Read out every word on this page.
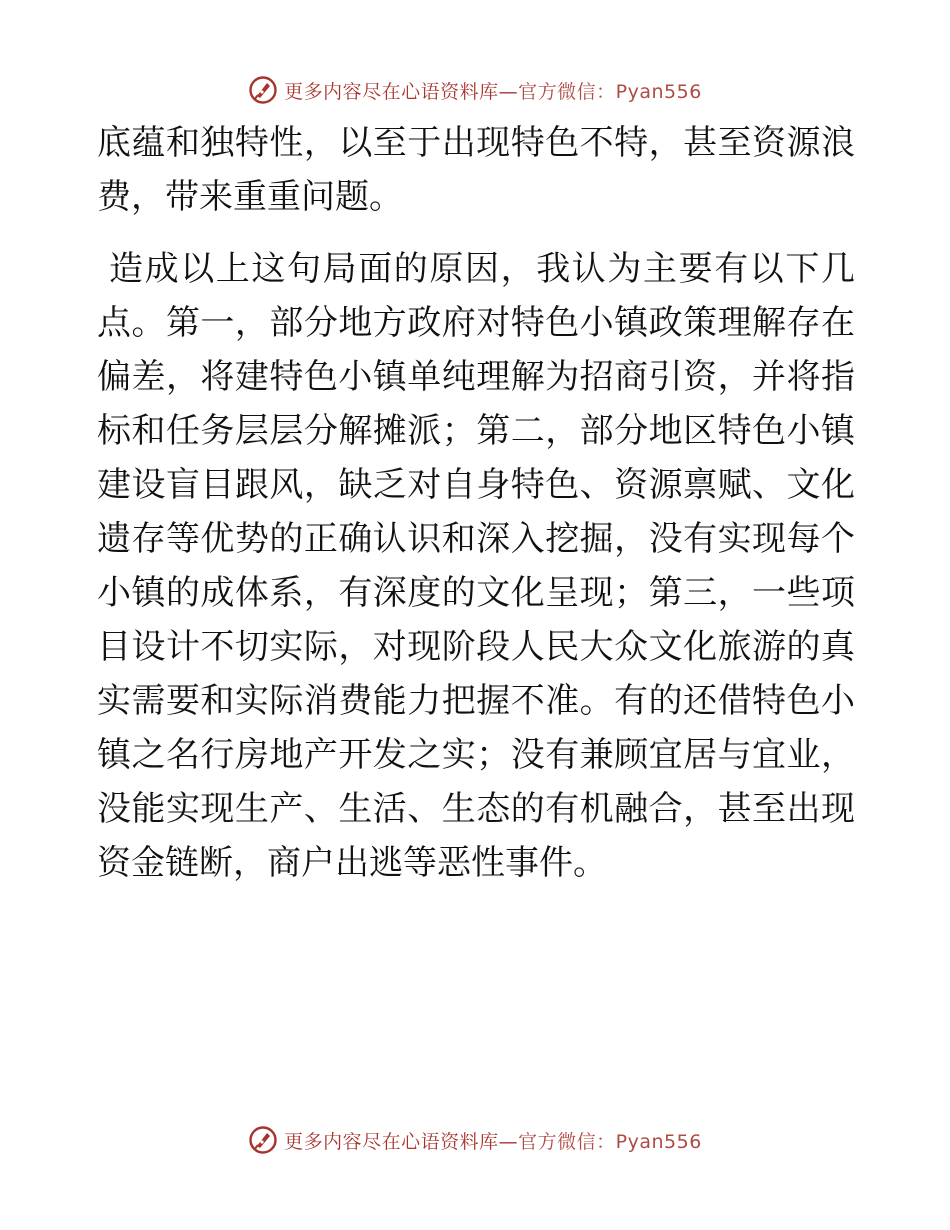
更多内容尽在心语资料库—官方微信：Pyan556

底蕴和独特性，以至于出现特色不特，甚至资源浪费，带来重重问题。

造成以上这句局面的原因，我认为主要有以下几点。第一，部分地方政府对特色小镇政策理解存在偏差，将建特色小镇单纯理解为招商引资，并将指标和任务层层分解摊派；第二，部分地区特色小镇建设盲目跟风，缺乏对自身特色、资源禀赋、文化遗存等优势的正确认识和深入挖掘，没有实现每个小镇的成体系，有深度的文化呈现；第三，一些项目设计不切实际，对现阶段人民大众文化旅游的真实需要和实际消费能力把握不准。有的还借特色小镇之名行房地产开发之实；没有兼顾宜居与宜业，没能实现生产、生活、生态的有机融合，甚至出现资金链断，商户出逃等恶性事件。

更多内容尽在心语资料库—官方微信：Pyan556
